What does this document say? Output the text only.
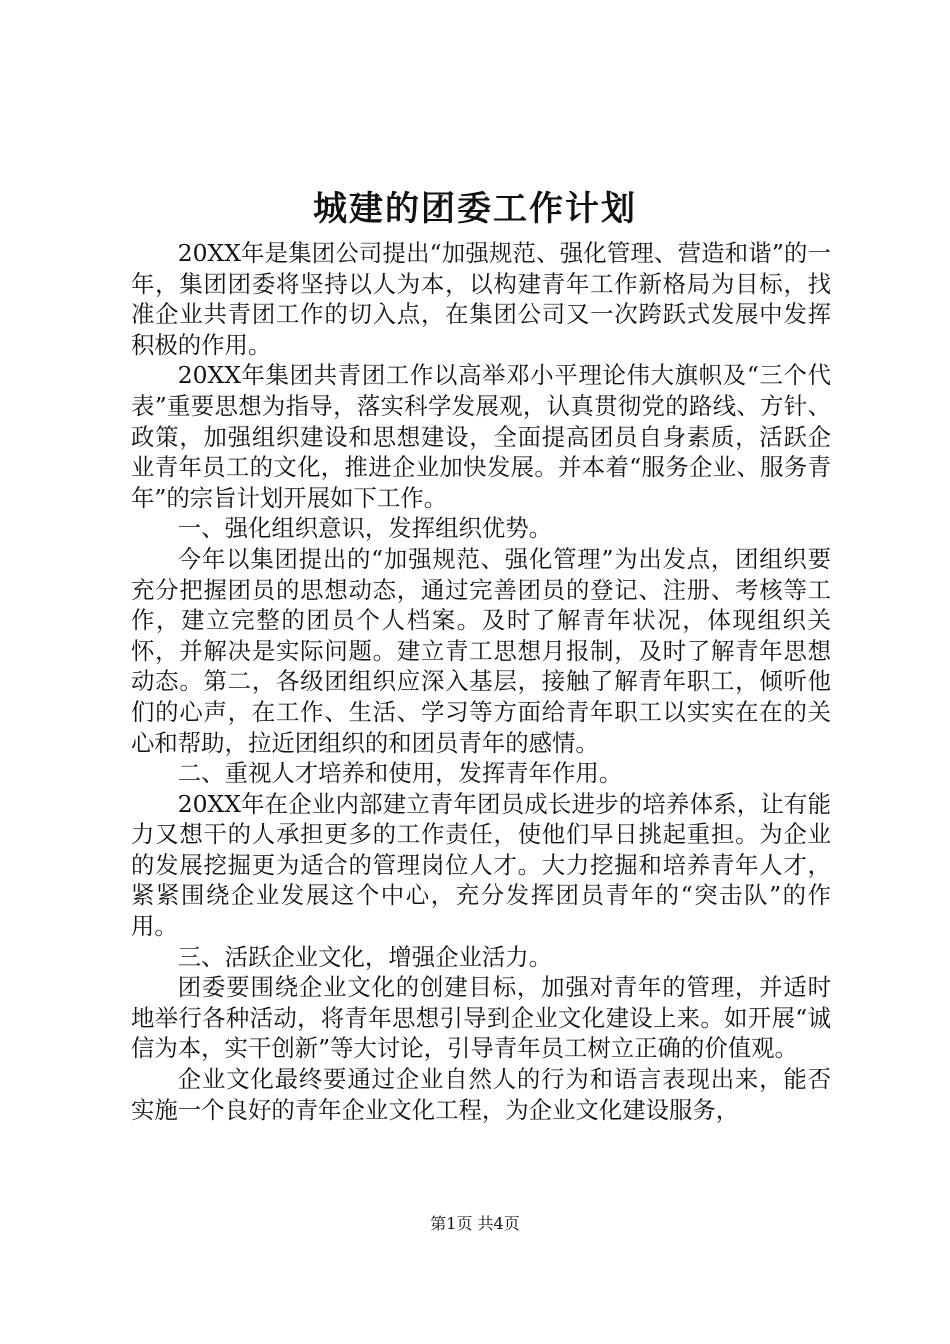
城建的团委工作计划

20XX年是集团公司提出“加强规范、强化管理、营造和谐”的一年，集团团委将坚持以人为本，以构建青年工作新格局为目标，找准企业共青团工作的切入点，在集团公司又一次跨跃式发展中发挥积极的作用。

20XX年集团共青团工作以高举邓小平理论伟大旗帜及“三个代表”重要思想为指导，落实科学发展观，认真贯彻党的路线、方针、政策，加强组织建设和思想建设，全面提高团员自身素质，活跃企业青年员工的文化，推进企业加快发展。并本着“服务企业、服务青年”的宗旨计划开展如下工作。

一、强化组织意识，发挥组织优势。

今年以集团提出的“加强规范、强化管理”为出发点，团组织要充分把握团员的思想动态，通过完善团员的登记、注册、考核等工作，建立完整的团员个人档案。及时了解青年状况，体现组织关怀，并解决是实际问题。建立青工思想月报制，及时了解青年思想动态。第二，各级团组织应深入基层，接触了解青年职工，倾听他们的心声，在工作、生活、学习等方面给青年职工以实实在在的关心和帮助，拉近团组织的和团员青年的感情。

二、重视人才培养和使用，发挥青年作用。

20XX年在企业内部建立青年团员成长进步的培养体系，让有能力又想干的人承担更多的工作责任，使他们早日挑起重担。为企业的发展挖掘更为适合的管理岗位人才。大力挖掘和培养青年人才，紧紧围绕企业发展这个中心，充分发挥团员青年的“突击队”的作用。

三、活跃企业文化，增强企业活力。

团委要围绕企业文化的创建目标，加强对青年的管理，并适时地举行各种活动，将青年思想引导到企业文化建设上来。如开展“诚信为本，实干创新”等大讨论，引导青年员工树立正确的价值观。

企业文化最终要通过企业自然人的行为和语言表现出来，能否实施一个良好的青年企业文化工程，为企业文化建设服务，

第1页 共4页
